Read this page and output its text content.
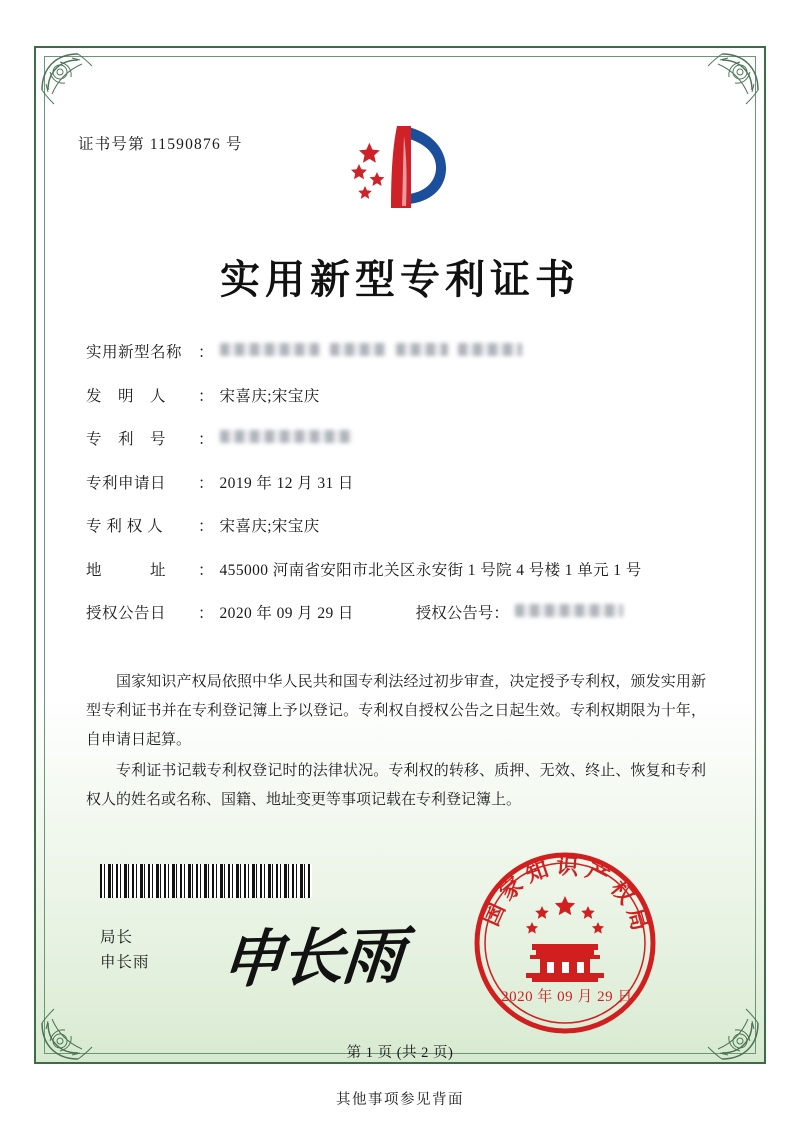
证书号第 11590876 号
实用新型专利证书
实用新型名称	：
发　明　人	： 宋喜庆;宋宝庆
专　利　号	：
专利申请日	： 2019 年 12 月 31 日
专 利 权 人	： 宋喜庆;宋宝庆
地　　　址	： 455000 河南省安阳市北关区永安街 1 号院 4 号楼 1 单元 1 号
授权公告日	： 2020 年 09 月 29 日	授权公告号 ：

国家知识产权局依照中华人民共和国专利法经过初步审查，决定授予专利权，颁发实用新型专利证书并在专利登记簿上予以登记。专利权自授权公告之日起生效。专利权期限为十年，自申请日起算。

专利证书记载专利权登记时的法律状况。专利权的转移、质押、无效、终止、恢复和专利权人的姓名或名称、国籍、地址变更等事项记载在专利登记簿上。

局长
申长雨 申长雨
国家知识产权局
2020 年 09 月 29 日
第 1 页 (共 2 页)
其他事项参见背面
